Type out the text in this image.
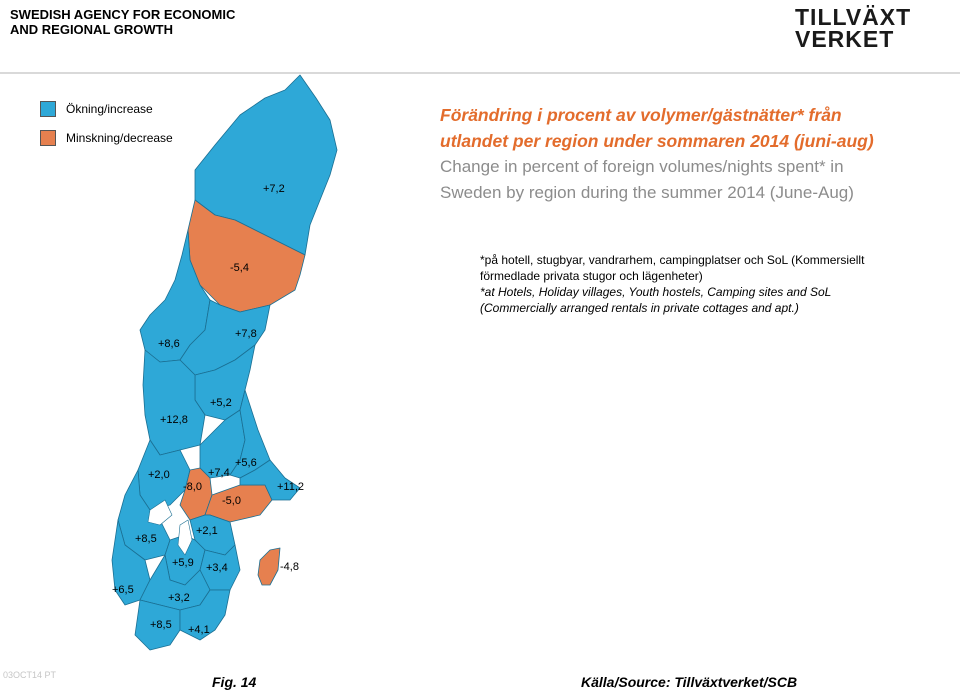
SWEDISH AGENCY FOR ECONOMIC
AND REGIONAL GROWTH	TILLVÄXT
VERKET
Ökning/increase
Minskning/decrease
Förändring i procent av volymer/gästnätter* från
utlandet per region under sommaren 2014 (juni-aug)
Change in percent of foreign volumes/nights spent* in
Sweden by region during the summer 2014 (June-Aug)
*på hotell, stugbyar, vandrarhem, campingplatser och SoL (Kommersiellt
förmedlade privata stugor och lägenheter)
*at Hotels, Holiday villages, Youth hostels, Camping sites and SoL
(Commercially arranged rentals in private cottages and apt.)
+7,2
-5,4
+8,6
+7,8
+5,2
+12,8
+2,0	+7,4
+5,6
-8,0
-5,0
+11,2
+8,5
+2,1
+5,9 +3,4	-4,8
+6,5
+3,2
+8,5 +4,1
03OCT14 PT	Fig. 14	Källa/Source: Tillväxtverket/SCB
